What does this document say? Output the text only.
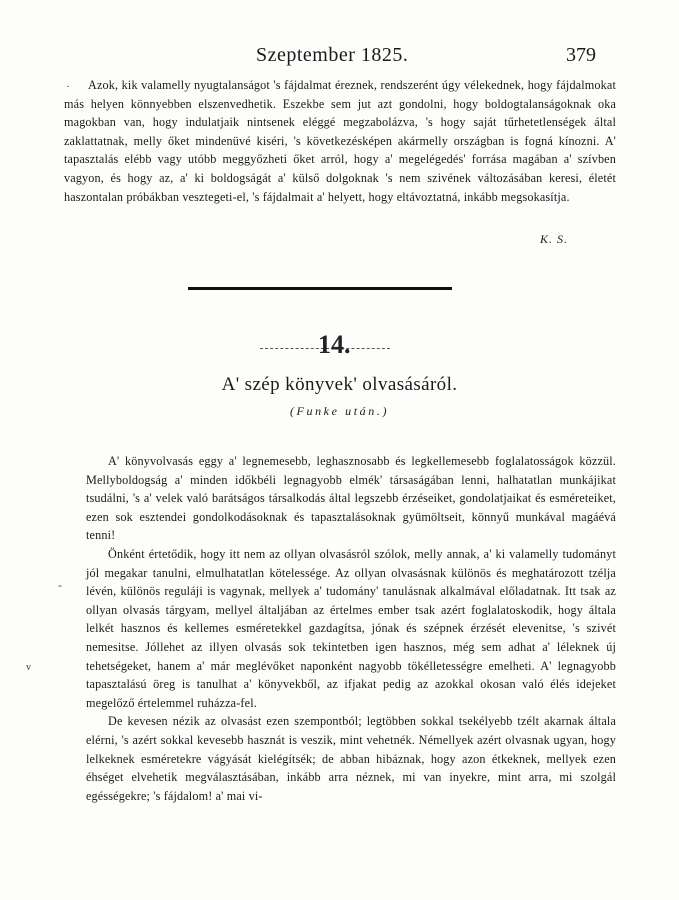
Szeptember 1825.	379
·	Azok, kik valamelly nyugtalanságot 's fájdalmat éreznek, rendszerént úgy vélekednek, hogy fájdalmokat más helyen könnyebben elszenvedhetik. Eszekbe sem jut azt gondolni, hogy boldogtalanságoknak oka magokban van, hogy indulatjaik nintsenek eléggé megzabolázva, 's hogy saját tűrhetetlenségek által zaklattatnak, melly őket mindenüvé kiséri, 's következésképen akármelly országban is fogná kínozni. A' tapasztalás elébb vagy utóbb meggyőzheti őket arról, hogy a' megelégedés' forrása magában a' szívben vagyon, és hogy az, a' ki boldogságát a' külső dolgoknak 's nem szivének változásában keresi, életét haszontalan próbákban vesztegeti-el, 's fájdalmait a' helyett, hogy eltávoztatná, inkább megsokasítja.
K. S.
14.
A' szép könyvek' olvasásáról.
(Funke után.)

A' könyvolvasás eggy a' legnemesebb, leghasznosabb és legkellemesebb foglalatosságok közzül. Mellyboldogság a' minden időkbéli legnagyobb elmék' társaságában lenni, halhatatlan munkájikat tsudálni, 's a' velek való barátságos társalkodás által legszebb érzéseiket, gondolatjaikat és esméreteiket, ezen sok esztendei gondolkodásoknak és tapasztalásoknak gyümöltseit, könnyű munkával magáévá tenni!

Önként értetődik, hogy itt nem az ollyan olvasásról szólok, melly annak, a' ki valamelly tudományt jól megakar tanulni, elmulhatatlan kötelessége. Az ollyan olvasásnak különös és meghatározott tzélja lévén, különös reguláji is vagynak, mellyek a' tudomány' tanulásnak alkalmával előladatnak. Itt tsak az ollyan olvasás tárgyam, mellyel általjában az értelmes ember tsak azért foglalatoskodik, hogy általa lelkét hasznos és kellemes esméretekkel gazdagítsa, jónak és szépnek érzését elevenitse, 's szivét nemesitse. Jóllehet az illyen olvasás sok tekintetben igen hasznos, még sem adhat a' léleknek új tehetségeket, hanem a' már meglévőket naponként nagyobb tökélletességre emelheti. A' legnagyobb tapasztalású öreg is tanulhat a' könyvekből, az ifjakat pedig az azokkal okosan való élés idejeket megelőző értelemmel ruházza-fel.

De kevesen nézik az olvasást ezen szempontból; legtöbben sokkal tsekélyebb tzélt akarnak általa elérni, 's azért sokkal kevesebb hasznát is veszik, mint vehetnék. Némellyek azért olvasnak ugyan, hogy lelkeknek esméretekre vágyását kielégítsék; de abban hibáznak, hogy azon étkeknek, mellyek ezen éhséget elvehetik megválasztásában, inkább arra néznek, mi van inyekre, mint arra, mi szolgál egésségekre; 's fájdalom! a' mai vi-

-
v
